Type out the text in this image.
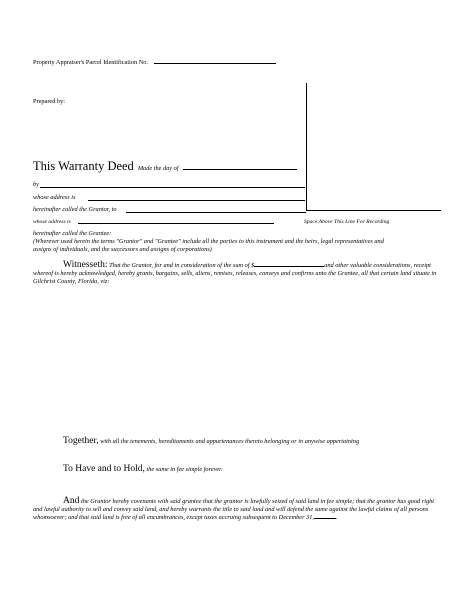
Property Appraiser's Parcel Identification No.
Prepared by:
This Warranty Deed Made the day of
by
whose address is
hereinafter called the Grantor, to
whose address is	Space Above This Line For Recording
hereinafter called the Grantee:
(Wherever used herein the terms "Grantor" and "Grantee" include all the parties to this instrument and the heirs, legal representatives and assigns of individuals, and the successors and assigns of corporations)
Witnesseth: That the Grantor, for and in consideration of the sum of $	and other valuable considerations, receipt whereof is hereby acknowledged, hereby grants, bargains, sells, aliens, remises, releases, conveys and confirms unto the Grantee, all that certain land situate in Gilchrist County, Florida, viz:
Together, with all the tenements, hereditaments and appurtenances thereto belonging or in anywise appertaining
To Have and to Hold, the same in fee simple forever.
And the Grantor hereby covenants with said grantee that the grantor is lawfully seized of said land in fee simple; that the grantor has good right and lawful authority to sell and convey said land, and hereby warrants the title to said land and will defend the same against the lawful claims of all persons whomsoever; and that said land is free of all encumbrances, except taxes accruing subsequent to December 31,	.
